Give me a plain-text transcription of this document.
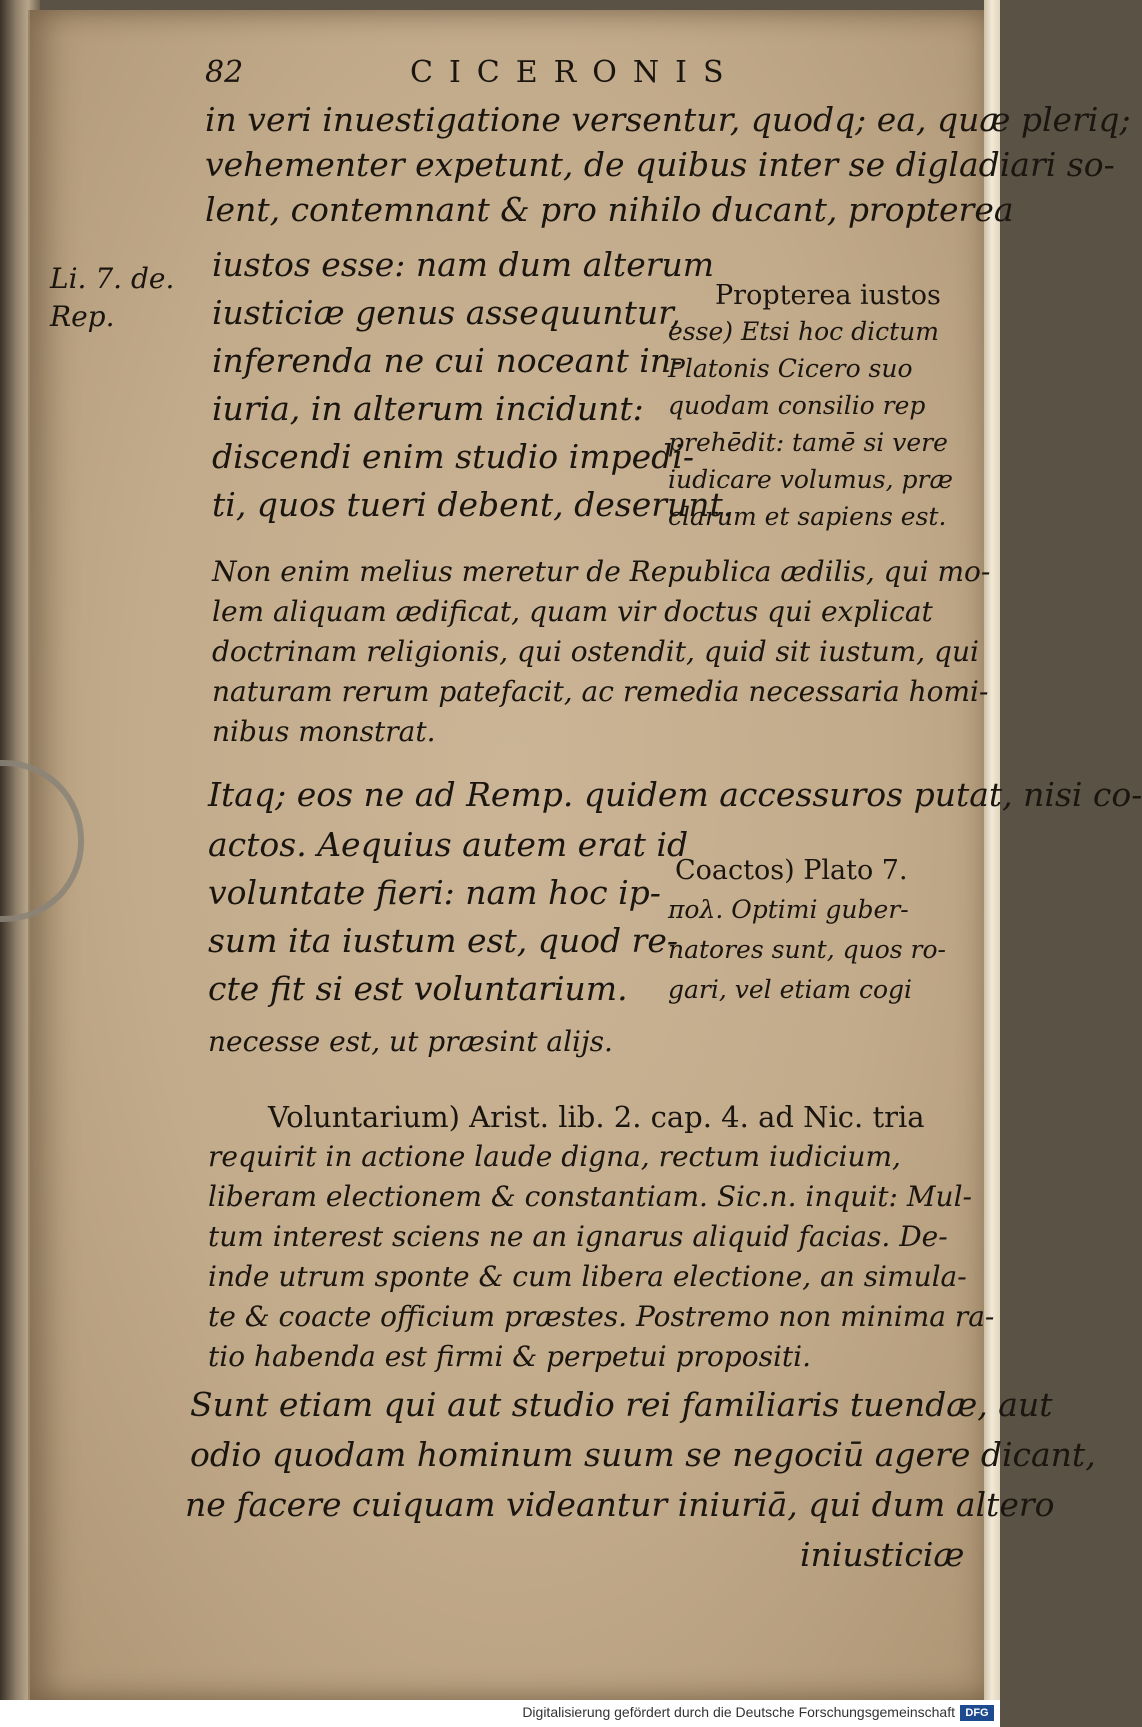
82	CICERONIS
in veri inuestigatione versentur, quodq; ea, quæ pleriq;
vehementer expetunt, de quibus inter se digladiari so-
lent, contemnant & pro nihilo ducant, propterea
Li. 7. de.
Rep.
iustos esse: nam dum alterum
iusticiæ genus assequuntur,
inferenda ne cui noceant in-
iuria, in alterum incidunt:
discendi enim studio impedi-
ti, quos tueri debent, deserunt.
Propterea iustos
esse) Etsi hoc dictum
Platonis Cicero suo
quodam consilio rep
prehēdit: tamē si vere
iudicare volumus, præ
clarum et sapiens est.
Non enim melius meretur de Republica ædilis, qui mo-
lem aliquam ædificat, quam vir doctus qui explicat
doctrinam religionis, qui ostendit, quid sit iustum, qui
naturam rerum patefacit, ac remedia necessaria homi-
nibus monstrat.
Itaq; eos ne ad Remp. quidem accessuros putat, nisi co-
actos. Aequius autem erat id
voluntate fieri: nam hoc ip-
sum ita iustum est, quod re-
cte fit si est voluntarium.
Coactos) Plato 7.
πολ. Optimi guber-
natores sunt, quos ro-
gari, vel etiam cogi
necesse est, ut præsint alijs.
Voluntarium) Arist. lib. 2. cap. 4. ad Nic. tria
requirit in actione laude digna, rectum iudicium,
liberam electionem & constantiam. Sic.n. inquit: Mul-
tum interest sciens ne an ignarus aliquid facias. De-
inde utrum sponte & cum libera electione, an simula-
te & coacte officium præstes. Postremo non minima ra-
tio habenda est firmi & perpetui propositi.
Sunt etiam qui aut studio rei familiaris tuendæ, aut
odio quodam hominum suum se negociū agere dicant,
ne facere cuiquam videantur iniuriā, qui dum altero
iniusticiæ
Digitalisierung gefördert durch die Deutsche Forschungsgemeinschaft DFG
